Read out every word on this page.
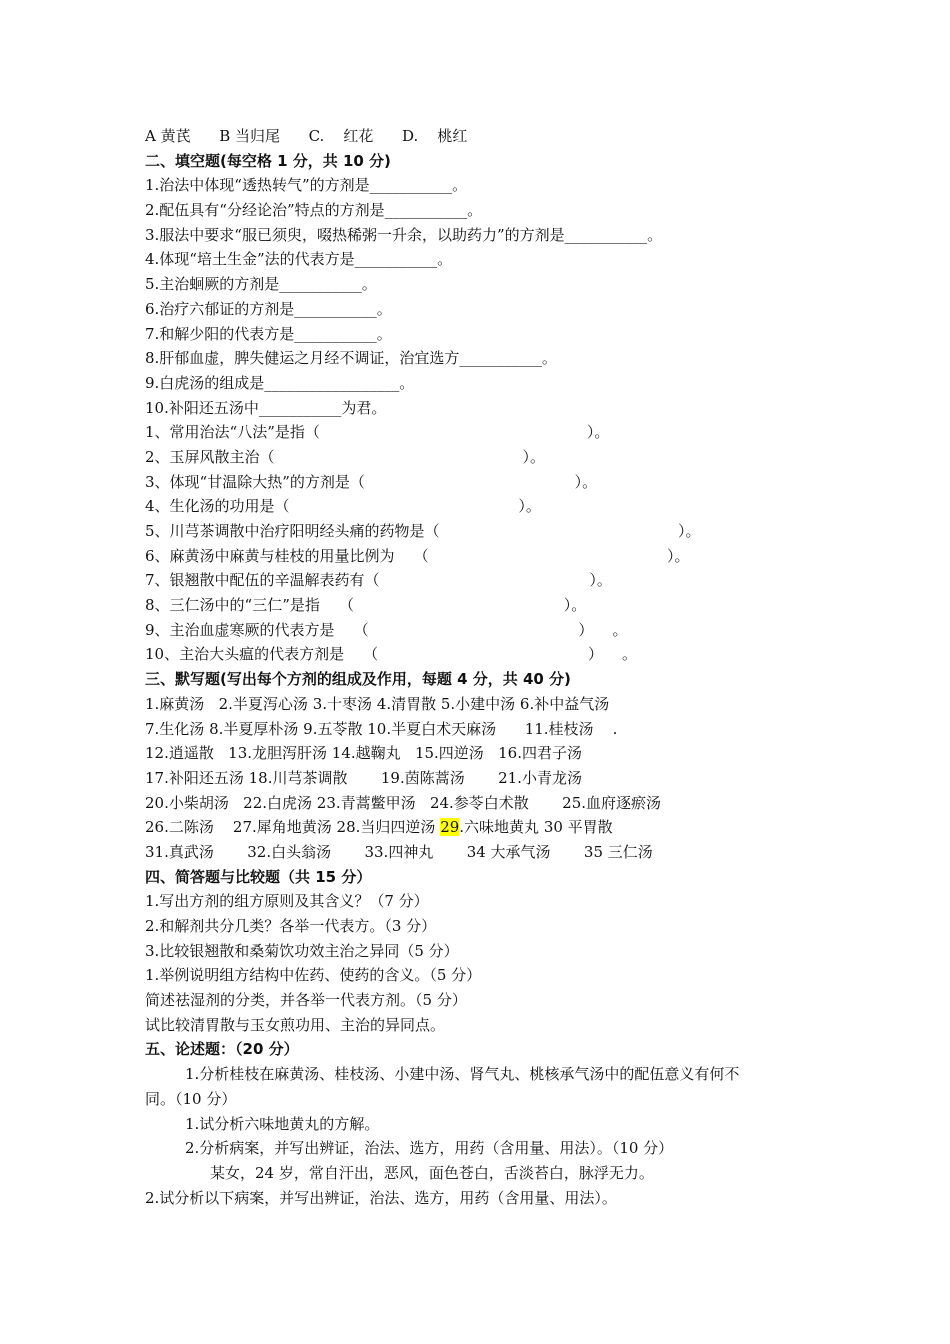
A 黄芪      B 当归尾      C.    红花      D.    桃红
二、填空题(每空格 1 分，共 10 分)
1.治法中体现“透热转气”的方剂是___________。
2.配伍具有“分经论治”特点的方剂是___________。
3.服法中要求“服已须臾，啜热稀粥一升余，以助药力”的方剂是___________。
4.体现“培土生金”法的代表方是___________。
5.主治蛔厥的方剂是___________。
6.治疗六郁证的方剂是___________。
7.和解少阳的代表方是___________。
8.肝郁血虚，脾失健运之月经不调证，治宜选方___________。
9.白虎汤的组成是__________________。
10.补阳还五汤中___________为君。
1、常用治法“八法”是指（                                                        ）。
2、玉屏风散主治（                                                    ）。
3、体现“甘温除大热”的方剂是（                                            ）。
4、生化汤的功用是（                                                ）。
5、川芎茶调散中治疗阳明经头痛的药物是（                                                  ）。
6、麻黄汤中麻黄与桂枝的用量比例为    （                                                  ）。
7、银翘散中配伍的辛温解表药有（                                            ）。
8、三仁汤中的“三仁”是指    （                                            ）。
9、主治血虚寒厥的代表方是    （                                            ）    。
10、主治大头瘟的代表方剂是    （                                            ）    。
三、默写题(写出每个方剂的组成及作用，每题 4 分，共 40 分)
1.麻黄汤   2.半夏泻心汤 3.十枣汤 4.清胃散 5.小建中汤 6.补中益气汤
7.生化汤 8.半夏厚朴汤 9.五苓散 10.半夏白术天麻汤      11.桂枝汤    .
12.逍遥散   13.龙胆泻肝汤 14.越鞠丸   15.四逆汤   16.四君子汤
17.补阳还五汤 18.川芎茶调散       19.茵陈蒿汤       21.小青龙汤
20.小柴胡汤   22.白虎汤 23.青蒿鳖甲汤   24.参苓白术散       25.血府逐瘀汤
26.二陈汤    27.犀角地黄汤 28.当归四逆汤 29.六味地黄丸 30 平胃散
31.真武汤       32.白头翁汤       33.四神丸       34 大承气汤       35 三仁汤
四、简答题与比较题（共 15 分）
1.写出方剂的组方原则及其含义？（7 分）
2.和解剂共分几类？各举一代表方。（3 分）
3.比较银翘散和桑菊饮功效主治之异同（5 分）
1.举例说明组方结构中佐药、使药的含义。（5 分）
简述祛湿剂的分类，并各举一代表方剂。（5 分）
试比较清胃散与玉女煎功用、主治的异同点。
五、论述题：（20 分）
1.分析桂枝在麻黄汤、桂枝汤、小建中汤、肾气丸、桃核承气汤中的配伍意义有何不
同。（10 分）
1.试分析六味地黄丸的方解。
2.分析病案，并写出辨证，治法、选方，用药（含用量、用法）。（10 分）
某女，24 岁，常自汗出，恶风，面色苍白，舌淡苔白，脉浮无力。
2.试分析以下病案，并写出辨证，治法、选方，用药（含用量、用法）。
